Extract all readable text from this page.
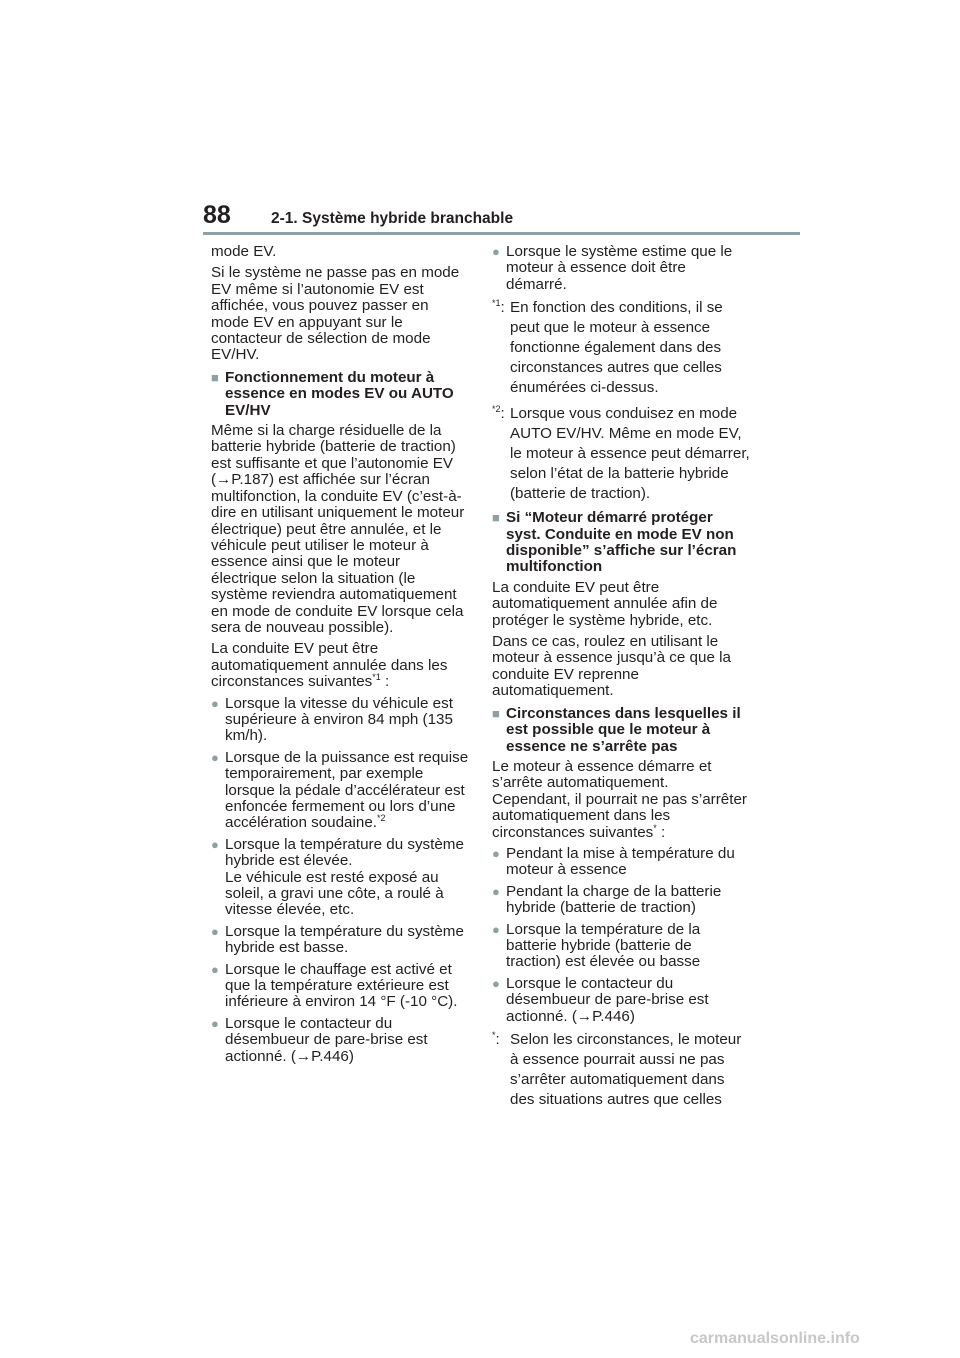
88	2-1. Système hybride branchable

mode EV.

Si le système ne passe pas en mode EV même si l’autonomie EV est affichée, vous pouvez passer en mode EV en appuyant sur le contacteur de sélection de mode EV/HV.

■ Fonctionnement du moteur à essence en modes EV ou AUTO EV/HV

Même si la charge résiduelle de la batterie hybride (batterie de traction) est suffisante et que l’autonomie EV (→P.187) est affichée sur l’écran multifonction, la conduite EV (c’est-à-dire en utilisant uniquement le moteur électrique) peut être annulée, et le véhicule peut utiliser le moteur à essence ainsi que le moteur électrique selon la situation (le système reviendra automatiquement en mode de conduite EV lorsque cela sera de nouveau possible).

La conduite EV peut être automatiquement annulée dans les circonstances suivantes$^{*1}$ :

● Lorsque la vitesse du véhicule est supérieure à environ 84 mph (135 km/h).
● Lorsque de la puissance est requise temporairement, par exemple lorsque la pédale d’accélérateur est enfoncée fermement ou lors d’une accélération soudaine.$^{*2}$
● Lorsque la température du système hybride est élevée.
Le véhicule est resté exposé au soleil, a gravi une côte, a roulé à vitesse élevée, etc.
● Lorsque la température du système hybride est basse.
● Lorsque le chauffage est activé et que la température extérieure est inférieure à environ 14 °F (-10 °C).
● Lorsque le contacteur du désembueur de pare-brise est actionné. (→P.446)
● Lorsque le système estime que le moteur à essence doit être démarré.
$^{*1}$: En fonction des conditions, il se peut que le moteur à essence fonctionne également dans des circonstances autres que celles énumérées ci-dessus.
$^{*2}$: Lorsque vous conduisez en mode AUTO EV/HV. Même en mode EV, le moteur à essence peut démarrer, selon l’état de la batterie hybride (batterie de traction).
■ Si “Moteur démarré protéger syst. Conduite en mode EV non disponible” s’affiche sur l’écran multifonction

La conduite EV peut être automatiquement annulée afin de protéger le système hybride, etc.

Dans ce cas, roulez en utilisant le moteur à essence jusqu’à ce que la conduite EV reprenne automatiquement.

■ Circonstances dans lesquelles il est possible que le moteur à essence ne s’arrête pas

Le moteur à essence démarre et s’arrête automatiquement. Cependant, il pourrait ne pas s’arrêter automatiquement dans les circonstances suivantes* :

● Pendant la mise à température du moteur à essence
● Pendant la charge de la batterie hybride (batterie de traction)
● Lorsque la température de la batterie hybride (batterie de traction) est élevée ou basse
● Lorsque le contacteur du désembueur de pare-brise est actionné. (→P.446)
*: Selon les circonstances, le moteur à essence pourrait aussi ne pas s’arrêter automatiquement dans des situations autres que celles
carmanualsonline.info
